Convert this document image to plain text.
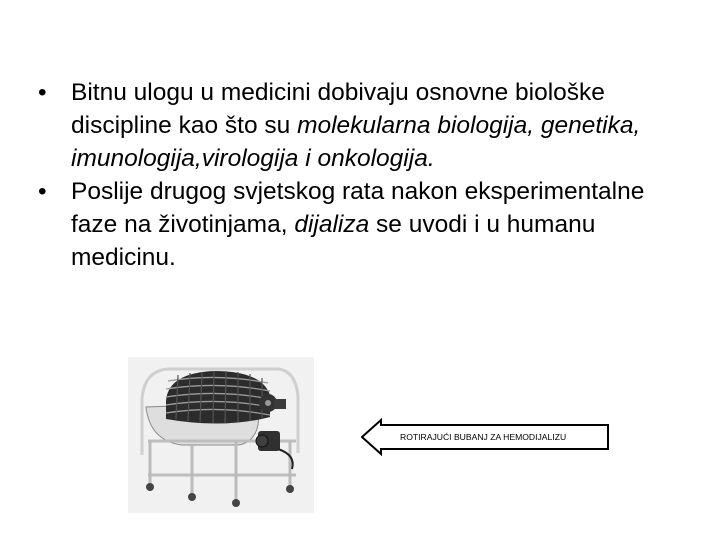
• Bitnu ulogu u medicini dobivaju osnovne biološke discipline kao što su molekularna biologija, genetika, imunologija,virologija i onkologija.

• Poslije drugog svjetskog rata nakon eksperimentalne faze na životinjama, dijaliza se uvodi i u humanu medicinu.

ROTIRAJUĆI BUBANJ ZA HEMODIJALIZU
